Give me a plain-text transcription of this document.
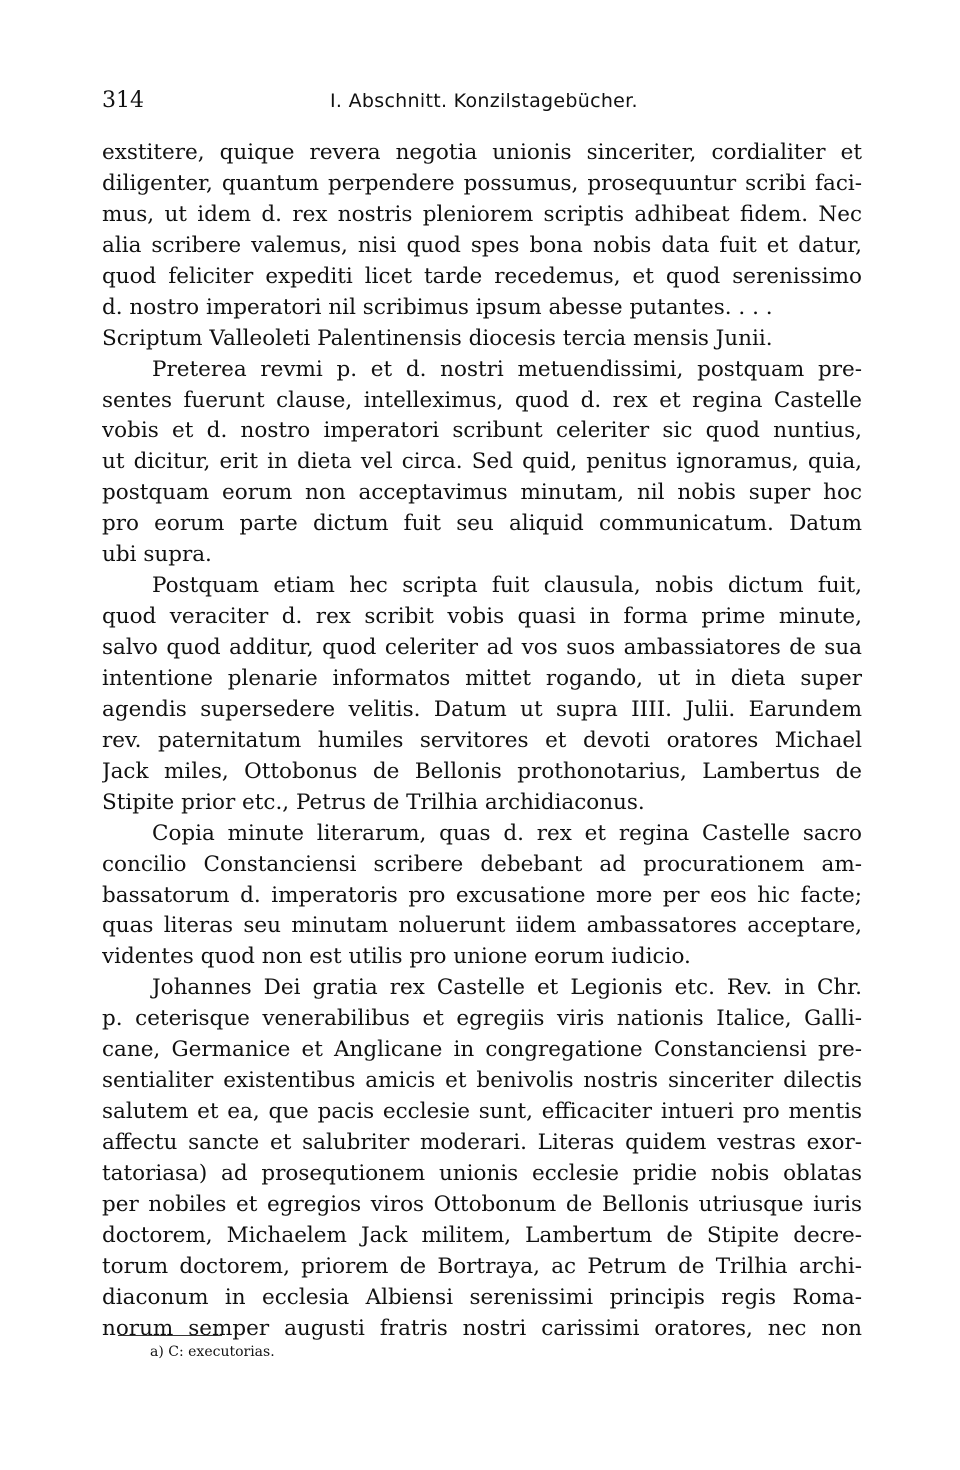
314	I. Abschnitt. Konzilstagebücher.
exstitere, quique revera negotia unionis sinceriter, cordialiter et
diligenter, quantum perpendere possumus, prosequuntur scribi faci-
mus, ut idem d. rex nostris pleniorem scriptis adhibeat fidem. Nec
alia scribere valemus, nisi quod spes bona nobis data fuit et datur,
quod feliciter expediti licet tarde recedemus, et quod serenissimo
d. nostro imperatori nil scribimus ipsum abesse putantes. . . .
Scriptum Valleoleti Palentinensis diocesis tercia mensis Junii.
Preterea revmi p. et d. nostri metuendissimi, postquam pre-
sentes fuerunt clause, intelleximus, quod d. rex et regina Castelle
vobis et d. nostro imperatori scribunt celeriter sic quod nuntius,
ut dicitur, erit in dieta vel circa. Sed quid, penitus ignoramus, quia,
postquam eorum non acceptavimus minutam, nil nobis super hoc
pro eorum parte dictum fuit seu aliquid communicatum. Datum
ubi supra.
Postquam etiam hec scripta fuit clausula, nobis dictum fuit,
quod veraciter d. rex scribit vobis quasi in forma prime minute,
salvo quod additur, quod celeriter ad vos suos ambassiatores de sua
intentione plenarie informatos mittet rogando, ut in dieta super
agendis supersedere velitis. Datum ut supra IIII. Julii. Earundem
rev. paternitatum humiles servitores et devoti oratores Michael
Jack miles, Ottobonus de Bellonis prothonotarius, Lambertus de
Stipite prior etc., Petrus de Trilhia archidiaconus.
Copia minute literarum, quas d. rex et regina Castelle sacro
concilio Constanciensi scribere debebant ad procurationem am-
bassatorum d. imperatoris pro excusatione more per eos hic facte;
quas literas seu minutam noluerunt iidem ambassatores acceptare,
videntes quod non est utilis pro unione eorum iudicio.
Johannes Dei gratia rex Castelle et Legionis etc. Rev. in Chr.
p. ceterisque venerabilibus et egregiis viris nationis Italice, Galli-
cane, Germanice et Anglicane in congregatione Constanciensi pre-
sentialiter existentibus amicis et benivolis nostris sinceriter dilectis
salutem et ea, que pacis ecclesie sunt, efficaciter intueri pro mentis
affectu sancte et salubriter moderari. Literas quidem vestras exor-
tatoriasa) ad prosequtionem unionis ecclesie pridie nobis oblatas
per nobiles et egregios viros Ottobonum de Bellonis utriusque iuris
doctorem, Michaelem Jack militem, Lambertum de Stipite decre-
torum doctorem, priorem de Bortraya, ac Petrum de Trilhia archi-
diaconum in ecclesia Albiensi serenissimi principis regis Roma-
norum semper augusti fratris nostri carissimi oratores, nec non
a) C: executorias.
